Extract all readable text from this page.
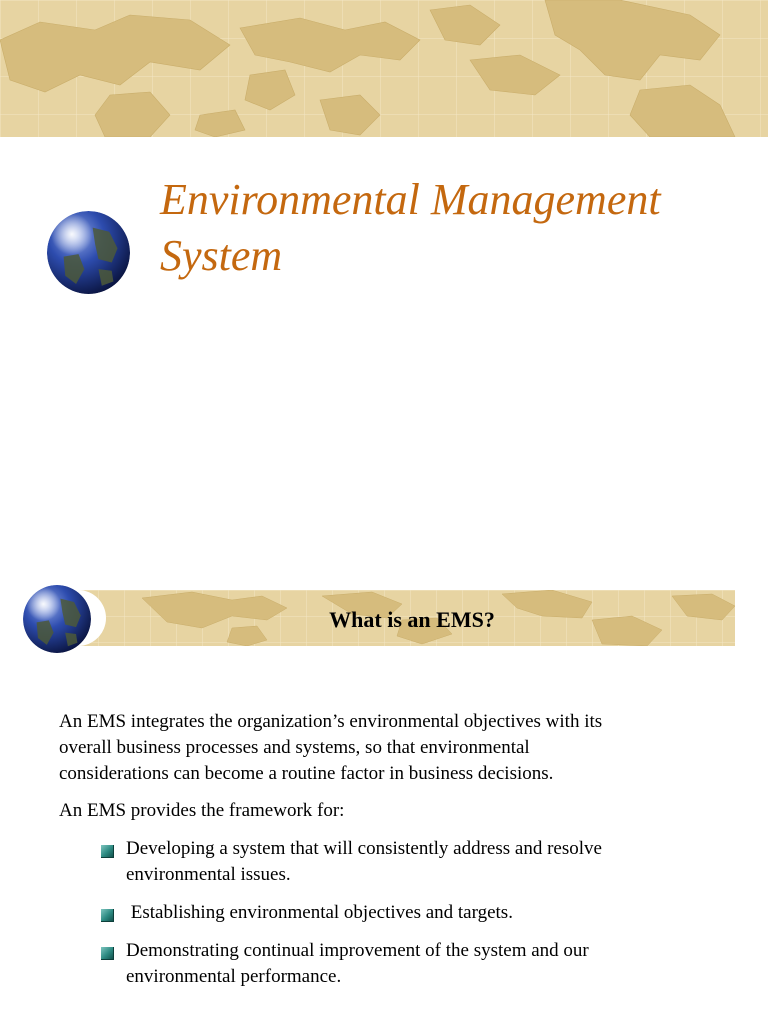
Environmental Management
System
What is an EMS?

An EMS integrates the organization’s environmental objectives with its
overall business processes and systems, so that environmental
considerations can become a routine factor in business decisions.

An EMS provides the framework for:

Developing a system that will consistently address and resolve
environmental issues.
Establishing environmental objectives and targets.
Demonstrating continual improvement of the system and our
environmental performance.
